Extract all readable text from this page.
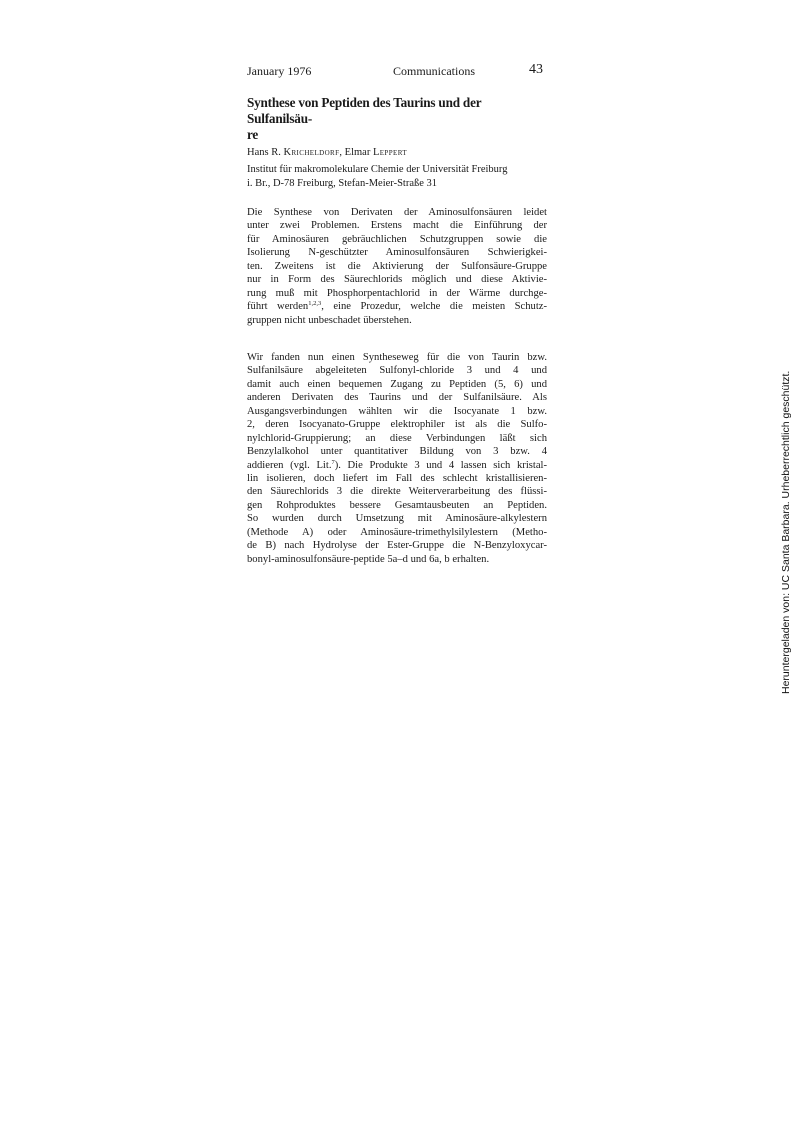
January 1976	Communications	43
Synthese von Peptiden des Taurins und der Sulfanilsäu-
re
Hans R. Kricheldorf, Elmar Leppert
Institut für makromolekulare Chemie der Universität Freiburg
i. Br., D-78 Freiburg, Stefan-Meier-Straße 31
Die Synthese von Derivaten der Aminosulfonsäuren leidet
unter zwei Problemen. Erstens macht die Einführung der
für Aminosäuren gebräuchlichen Schutzgruppen sowie die
Isolierung N-geschützter Aminosulfonsäuren Schwierigkei-
ten. Zweitens ist die Aktivierung der Sulfonsäure-Gruppe
nur in Form des Säurechlorids möglich und diese Aktivie-
rung muß mit Phosphorpentachlorid in der Wärme durchge-
führt werden$^{1,2,3}$, eine Prozedur, welche die meisten Schutz-
gruppen nicht unbeschadet überstehen.
Wir fanden nun einen Syntheseweg für die von Taurin bzw.
Sulfanilsäure abgeleiteten Sulfonyl-chloride 3 und 4 und
damit auch einen bequemen Zugang zu Peptiden (5, 6) und
anderen Derivaten des Taurins und der Sulfanilsäure. Als
Ausgangsverbindungen wählten wir die Isocyanate 1 bzw.
2, deren Isocyanato-Gruppe elektrophiler ist als die Sulfo-
nylchlorid-Gruppierung; an diese Verbindungen läßt sich
Benzylalkohol unter quantitativer Bildung von 3 bzw. 4
addieren (vgl. Lit.$^7$). Die Produkte 3 und 4 lassen sich kristal-
lin isolieren, doch liefert im Fall des schlecht kristallisieren-
den Säurechlorids 3 die direkte Weiterverarbeitung des flüssi-
gen Rohproduktes bessere Gesamtausbeuten an Peptiden.
So wurden durch Umsetzung mit Aminosäure-alkylestern
(Methode A) oder Aminosäure-trimethylsilylestern (Metho-
de B) nach Hydrolyse der Ester-Gruppe die N-Benzyloxycar-
bonyl-aminosulfonsäure-peptide 5a–d und 6a, b erhalten.	Heruntergeladen von: UC Santa Barbara. Urheberrechtlich geschützt.
